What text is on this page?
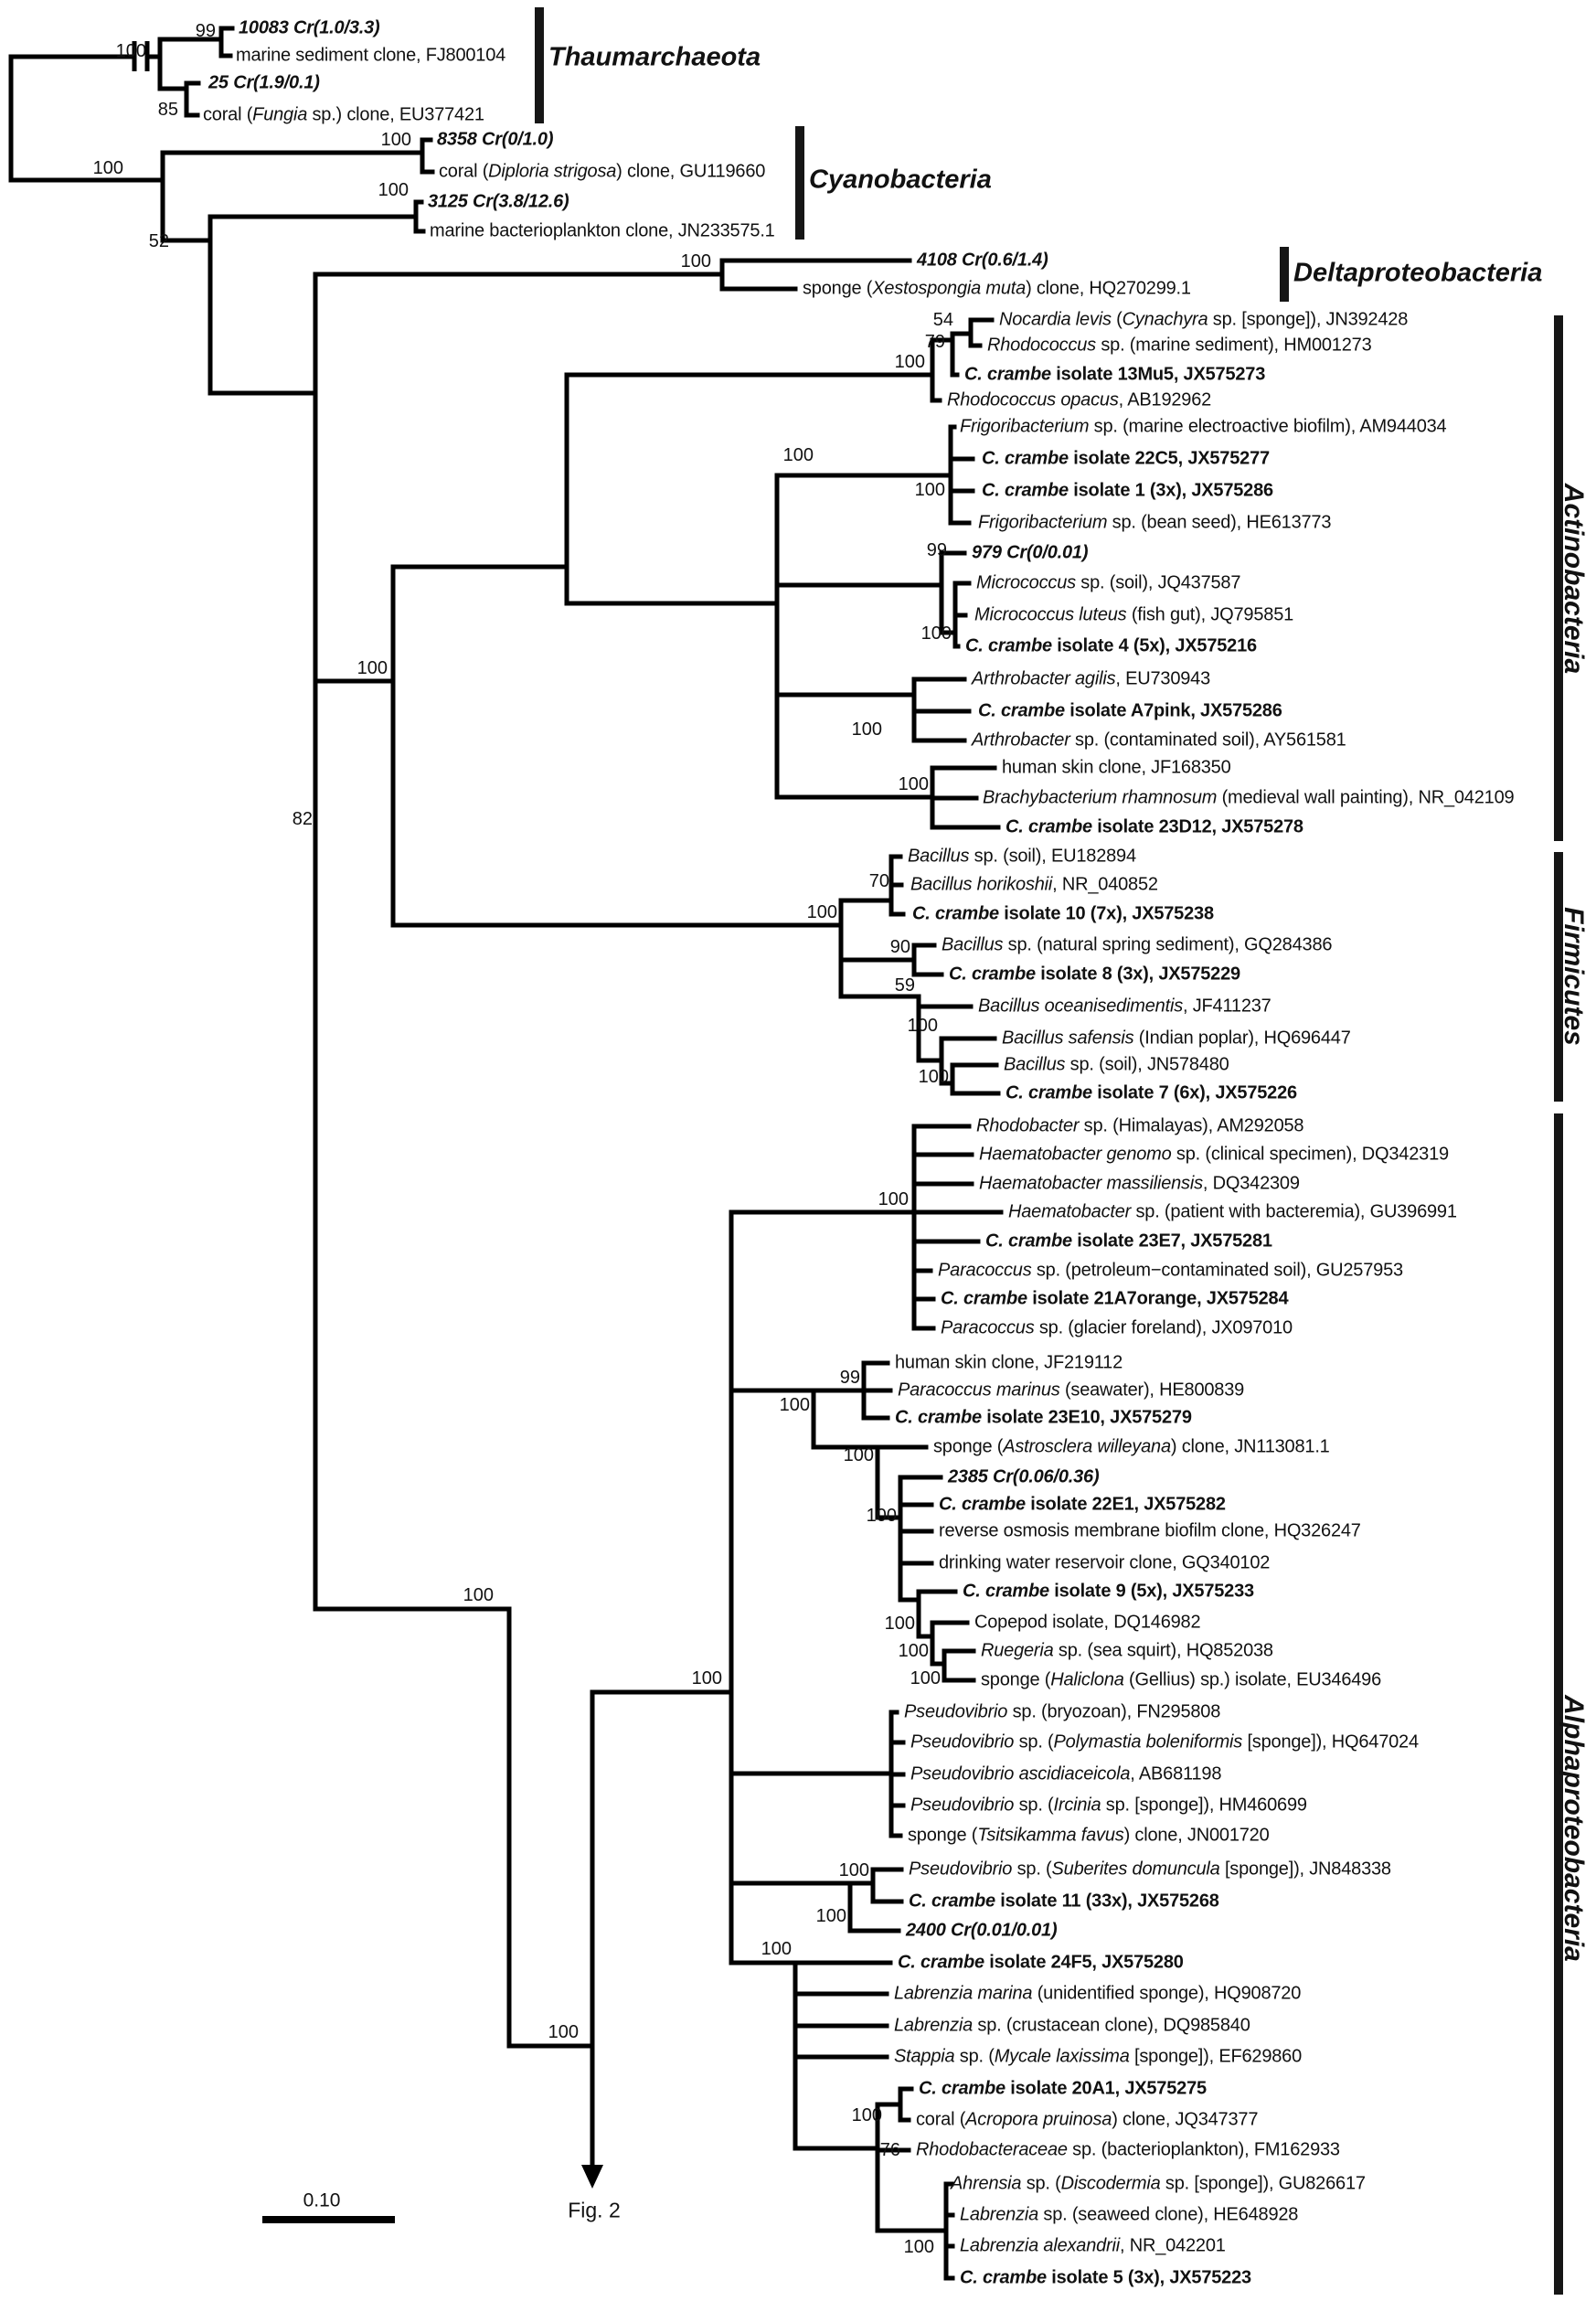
10083 Cr(1.0/3.3)
marine sediment clone, FJ800104
25 Cr(1.9/0.1)
coral (Fungia sp.) clone, EU377421
8358 Cr(0/1.0)
coral (Diploria strigosa) clone, GU119660
3125 Cr(3.8/12.6)
marine bacterioplankton clone, JN233575.1
4108 Cr(0.6/1.4)
sponge (Xestospongia muta) clone, HQ270299.1
Nocardia levis (Cynachyra sp. [sponge]), JN392428
Rhodococcus sp. (marine sediment), HM001273
C. crambe isolate 13Mu5, JX575273
Rhodococcus opacus, AB192962
Frigoribacterium sp. (marine electroactive biofilm), AM944034
C. crambe isolate 22C5, JX575277
C. crambe isolate 1 (3x), JX575286
Frigoribacterium sp. (bean seed), HE613773
979 Cr(0/0.01)
Micrococcus sp. (soil), JQ437587
Micrococcus luteus (fish gut), JQ795851
C. crambe isolate 4 (5x), JX575216
Arthrobacter agilis, EU730943
C. crambe isolate A7pink, JX575286
Arthrobacter sp. (contaminated soil), AY561581
human skin clone, JF168350
Brachybacterium rhamnosum (medieval wall painting), NR_042109
C. crambe isolate 23D12, JX575278
Bacillus sp. (soil), EU182894
Bacillus horikoshii, NR_040852
C. crambe isolate 10 (7x), JX575238
Bacillus sp. (natural spring sediment), GQ284386
C. crambe isolate 8 (3x), JX575229
Bacillus oceanisedimentis, JF411237
Bacillus safensis (Indian poplar), HQ696447
Bacillus sp. (soil), JN578480
C. crambe isolate 7 (6x), JX575226
Rhodobacter sp. (Himalayas), AM292058
Haematobacter genomo sp. (clinical specimen), DQ342319
Haematobacter massiliensis, DQ342309
Haematobacter sp. (patient with bacteremia), GU396991
C. crambe isolate 23E7, JX575281
Paracoccus sp. (petroleum−contaminated soil), GU257953
C. crambe isolate 21A7orange, JX575284
Paracoccus sp. (glacier foreland), JX097010
human skin clone, JF219112
Paracoccus marinus (seawater), HE800839
C. crambe isolate 23E10, JX575279
sponge (Astrosclera willeyana) clone, JN113081.1
2385 Cr(0.06/0.36)
C. crambe isolate 22E1, JX575282
reverse osmosis membrane biofilm clone, HQ326247
drinking water reservoir clone, GQ340102
C. crambe isolate 9 (5x), JX575233
Copepod isolate, DQ146982
Ruegeria sp. (sea squirt), HQ852038
sponge (Haliclona (Gellius) sp.) isolate, EU346496
Pseudovibrio sp. (bryozoan), FN295808
Pseudovibrio sp. (Polymastia boleniformis [sponge]), HQ647024
Pseudovibrio ascidiaceicola, AB681198
Pseudovibrio sp. (Ircinia sp. [sponge]), HM460699
sponge (Tsitsikamma favus) clone, JN001720
Pseudovibrio sp. (Suberites domuncula [sponge]), JN848338
C. crambe isolate 11 (33x), JX575268
2400 Cr(0.01/0.01)
C. crambe isolate 24F5, JX575280
Labrenzia marina (unidentified sponge), HQ908720
Labrenzia sp. (crustacean clone), DQ985840
Stappia sp. (Mycale laxissima [sponge]), EF629860
C. crambe isolate 20A1, JX575275
coral (Acropora pruinosa) clone, JQ347377
Rhodobacteraceae sp. (bacterioplankton), FM162933
Ahrensia sp. (Discodermia sp. [sponge]), GU826617
Labrenzia sp. (seaweed clone), HE648928
Labrenzia alexandrii, NR_042201
C. crambe isolate 5 (3x), JX575223
99
100
85
100
100
52
100
100
100
82
100
79
54
100
100
99
100
100
100
70
100
90
59
100
100
100
99
100
100
100
100
100
100
100
100
100
100
100
100
100
76
100
Thaumarchaeota
Cyanobacteria
Deltaproteobacteria
Actinobacteria
Firmicutes
Alphaproteobacteria
0.10	Fig. 2
